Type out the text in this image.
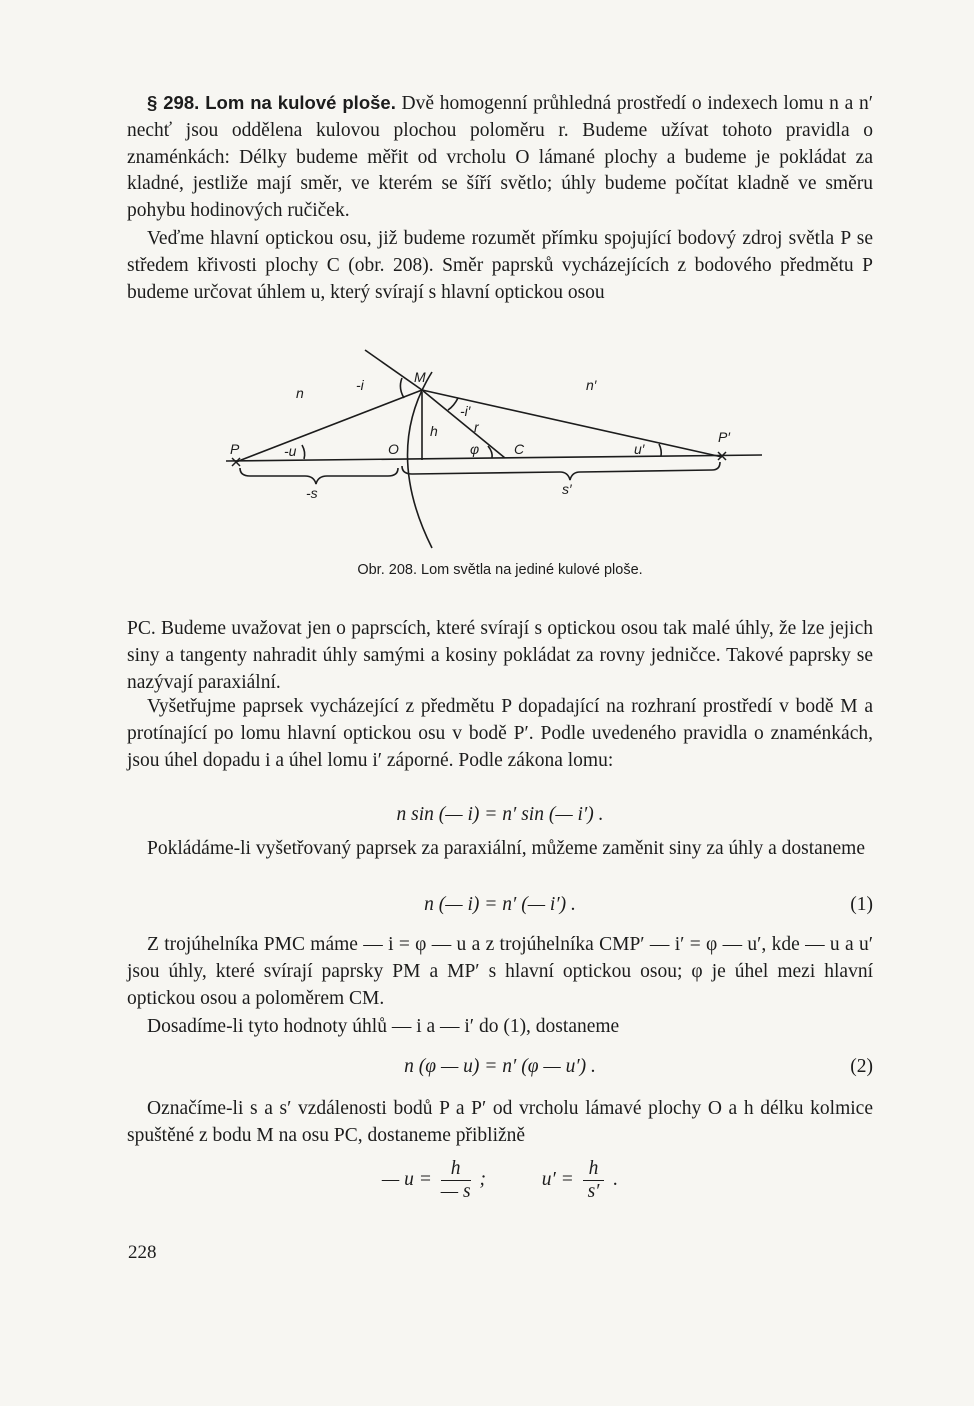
§ 298. Lom na kulové ploše. Dvě homogenní průhledná prostředí o indexech lomu n a n′ nechť jsou oddělena kulovou plochou poloměru r. Budeme užívat tohoto pravidla o znaménkách: Délky budeme měřit od vrcholu O lámané plochy a budeme je pokládat za kladné, jestliže mají směr, ve kterém se šíří světlo; úhly budeme počítat kladně ve směru pohybu hodinových ručiček.

Veďme hlavní optickou osu, již budeme rozumět přímku spojující bodový zdroj světla P se středem křivosti plochy C (obr. 208). Směr paprsků vycházejících z bodového předmětu P budeme určovat úhlem u, který svírají s hlavní optickou osou

n	-i	M	n′
-i′
r
h
φ C
P	-u	O	u′
P′
-s	s′
Obr. 208. Lom světla na jediné kulové ploše.

PC. Budeme uvažovat jen o paprscích, které svírají s optickou osou tak malé úhly, že lze jejich siny a tangenty nahradit úhly samými a kosiny pokládat za rovny jedničce. Takové paprsky se nazývají paraxiální.

Vyšetřujme paprsek vycházející z předmětu P dopadající na rozhraní prostředí v bodě M a protínající po lomu hlavní optickou osu v bodě P′. Podle uvedeného pravidla o znaménkách, jsou úhel dopadu i a úhel lomu i′ záporné. Podle zákona lomu:

n sin (— i) = n′ sin (— i′) .

Pokládáme-li vyšetřovaný paprsek za paraxiální, můžeme zaměnit siny za úhly a dostaneme

n (— i) = n′ (— i′) .	(1)

Z trojúhelníka PMC máme — i = φ — u a z trojúhelníka CMP′ — i′ = φ — u′, kde — u a u′ jsou úhly, které svírají paprsky PM a MP′ s hlavní optickou osou; φ je úhel mezi hlavní optickou osou a poloměrem CM.

Dosadíme-li tyto hodnoty úhlů — i a — i′ do (1), dostaneme

n (φ — u) = n′ (φ — u′) .	(2)

Označíme-li s a s′ vzdálenosti bodů P a P′ od vrcholu lámavé plochy O a h délku kolmice spuštěné z bodu M na osu PC, dostaneme přibližně

— $u = \frac{h}{— s}$ ;	$u' = \frac{h}{s'}$ .
228
